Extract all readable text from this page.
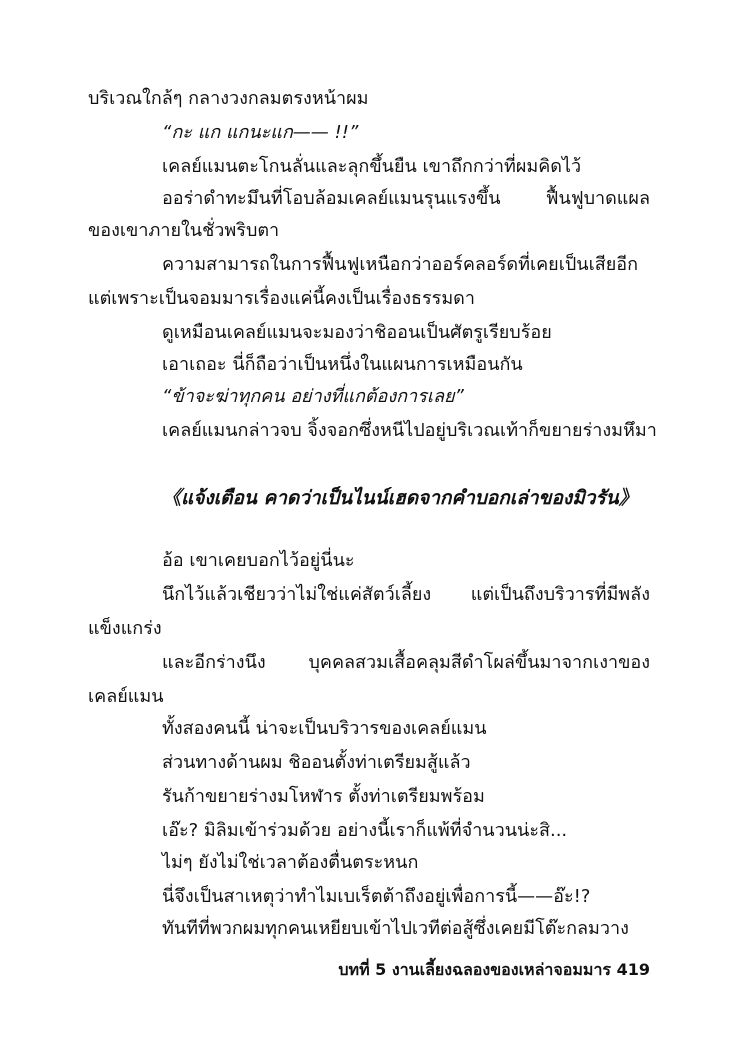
บริเวณใกล้ๆ กลางวงกลมตรงหน้าผม
“กะ แก แกนะแก—— !!”
เคลย์แมนตะโกนลั่นและลุกขึ้นยืน เขาถึกกว่าที่ผมคิดไว้
ออร่าดำทะมึนที่โอบล้อมเคลย์แมนรุนแรงขึ้น ฟื้นฟูบาดแผล
ของเขาภายในชั่วพริบตา
ความสามารถในการฟื้นฟูเหนือกว่าออร์คลอร์ดที่เคยเป็นเสียอีก
แต่เพราะเป็นจอมมารเรื่องแค่นี้คงเป็นเรื่องธรรมดา
ดูเหมือนเคลย์แมนจะมองว่าชิออนเป็นศัตรูเรียบร้อย
เอาเถอะ นี่ก็ถือว่าเป็นหนึ่งในแผนการเหมือนกัน
“ข้าจะฆ่าทุกคน อย่างที่แกต้องการเลย”
เคลย์แมนกล่าวจบ จิ้งจอกซึ่งหนีไปอยู่บริเวณเท้าก็ขยายร่างมหึมา
《แจ้งเตือน คาดว่าเป็นไนน์เฮดจากคำบอกเล่าของมิวรัน》
อ้อ เขาเคยบอกไว้อยู่นี่นะ
นึกไว้แล้วเชียวว่าไม่ใช่แค่สัตว์เลี้ยง แต่เป็นถึงบริวารที่มีพลัง
แข็งแกร่ง
และอีกร่างนึง บุคคลสวมเสื้อคลุมสีดำโผล่ขึ้นมาจากเงาของ
เคลย์แมน
ทั้งสองคนนี้ น่าจะเป็นบริวารของเคลย์แมน
ส่วนทางด้านผม ชิออนตั้งท่าเตรียมสู้แล้ว
รันก้าขยายร่างมโหฬาร ตั้งท่าเตรียมพร้อม
เอ๊ะ? มิลิมเข้าร่วมด้วย อย่างนี้เราก็แพ้ที่จำนวนน่ะสิ...
ไม่ๆ ยังไม่ใช่เวลาต้องตื่นตระหนก
นี่จึงเป็นสาเหตุว่าทำไมเบเร็ตต้าถึงอยู่เพื่อการนี้——อ๊ะ!?
ทันทีที่พวกผมทุกคนเหยียบเข้าไปเวทีต่อสู้ซึ่งเคยมีโต๊ะกลมวาง
บทที่ 5 งานเลี้ยงฉลองของเหล่าจอมมาร 419
